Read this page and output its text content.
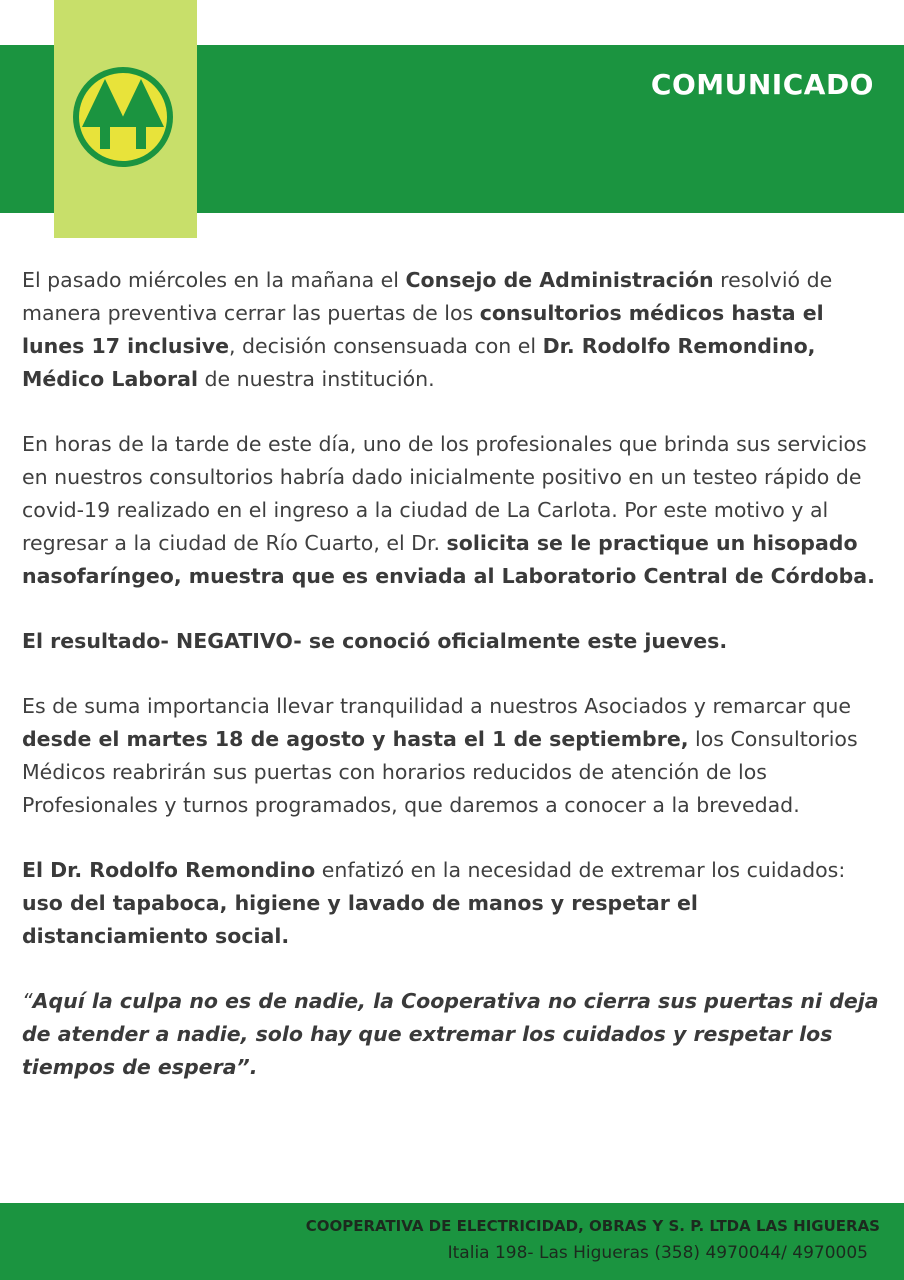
COMUNICADO

El pasado miércoles en la mañana el Consejo de Administración resolvió de manera preventiva cerrar las puertas de los consultorios médicos hasta el lunes 17 inclusive, decisión consensuada con el Dr. Rodolfo Remondino, Médico Laboral de nuestra institución.

En horas de la tarde de este día, uno de los profesionales que brinda sus servicios en nuestros consultorios habría dado inicialmente positivo en un testeo rápido de covid-19 realizado en el ingreso a la ciudad de La Carlota. Por este motivo y al regresar a la ciudad de Río Cuarto, el Dr. solicita se le practique un hisopado nasofaríngeo, muestra que es enviada al Laboratorio Central de Córdoba.

El resultado- NEGATIVO- se conoció oficialmente este jueves.

Es de suma importancia llevar tranquilidad a nuestros Asociados y remarcar que desde el martes 18 de agosto y hasta el 1 de septiembre, los Consultorios Médicos reabrirán sus puertas con horarios reducidos de atención de los Profesionales y turnos programados, que daremos a conocer a la brevedad.

El Dr. Rodolfo Remondino enfatizó en la necesidad de extremar los cuidados: uso del tapaboca, higiene y lavado de manos y respetar el distanciamiento social.

“Aquí la culpa no es de nadie, la Cooperativa no cierra sus puertas ni deja de atender a nadie, solo hay que extremar los cuidados y respetar los tiempos de espera”.

COOPERATIVA DE ELECTRICIDAD, OBRAS Y S. P. LTDA LAS HIGUERAS
Italia 198- Las Higueras (358) 4970044/ 4970005
